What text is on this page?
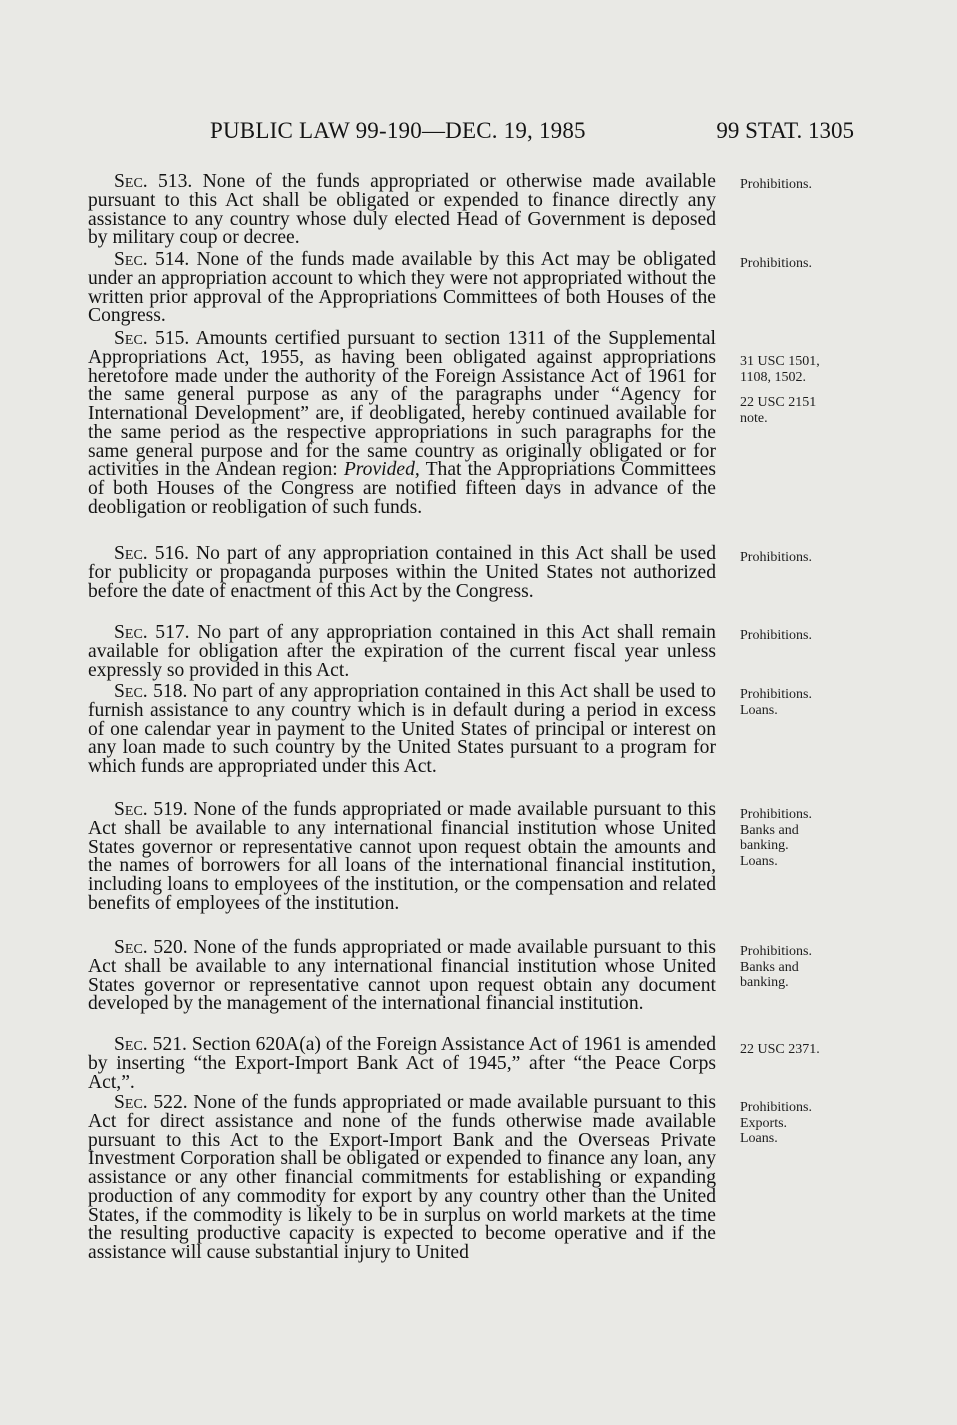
PUBLIC LAW 99-190—DEC. 19, 1985	99 STAT. 1305

Sec. 513. None of the funds appropriated or otherwise made available pursuant to this Act shall be obligated or expended to finance directly any assistance to any country whose duly elected Head of Government is deposed by military coup or decree.

Sec. 514. None of the funds made available by this Act may be obligated under an appropriation account to which they were not appropriated without the written prior approval of the Appropriations Committees of both Houses of the Congress.

Sec. 515. Amounts certified pursuant to section 1311 of the Supplemental Appropriations Act, 1955, as having been obligated against appropriations heretofore made under the authority of the Foreign Assistance Act of 1961 for the same general purpose as any of the paragraphs under “Agency for International Development” are, if deobligated, hereby continued available for the same period as the respective appropriations in such paragraphs for the same general purpose and for the same country as originally obligated or for activities in the Andean region: Provided, That the Appropriations Committees of both Houses of the Congress are notified fifteen days in advance of the deobligation or reobligation of such funds.

Sec. 516. No part of any appropriation contained in this Act shall be used for publicity or propaganda purposes within the United States not authorized before the date of enactment of this Act by the Congress.

Sec. 517. No part of any appropriation contained in this Act shall remain available for obligation after the expiration of the current fiscal year unless expressly so provided in this Act.

Sec. 518. No part of any appropriation contained in this Act shall be used to furnish assistance to any country which is in default during a period in excess of one calendar year in payment to the United States of principal or interest on any loan made to such country by the United States pursuant to a program for which funds are appropriated under this Act.

Sec. 519. None of the funds appropriated or made available pursuant to this Act shall be available to any international financial institution whose United States governor or representative cannot upon request obtain the amounts and the names of borrowers for all loans of the international financial institution, including loans to employees of the institution, or the compensation and related benefits of employees of the institution.

Sec. 520. None of the funds appropriated or made available pursuant to this Act shall be available to any international financial institution whose United States governor or representative cannot upon request obtain any document developed by the management of the international financial institution.

Sec. 521. Section 620A(a) of the Foreign Assistance Act of 1961 is amended by inserting “the Export-Import Bank Act of 1945,” after “the Peace Corps Act,”.

Sec. 522. None of the funds appropriated or made available pursuant to this Act for direct assistance and none of the funds otherwise made available pursuant to this Act to the Export-Import Bank and the Overseas Private Investment Corporation shall be obligated or expended to finance any loan, any assistance or any other financial commitments for establishing or expanding production of any commodity for export by any country other than the United States, if the commodity is likely to be in surplus on world markets at the time the resulting productive capacity is expected to become operative and if the assistance will cause substantial injury to United

Prohibitions.
Prohibitions.
31 USC 1501,
1108, 1502.
22 USC 2151
note.
Prohibitions.
Prohibitions.
Prohibitions.
Loans.
Prohibitions.
Banks and
banking.
Loans.
Prohibitions.
Banks and
banking.
22 USC 2371.
Prohibitions.
Exports.
Loans.
